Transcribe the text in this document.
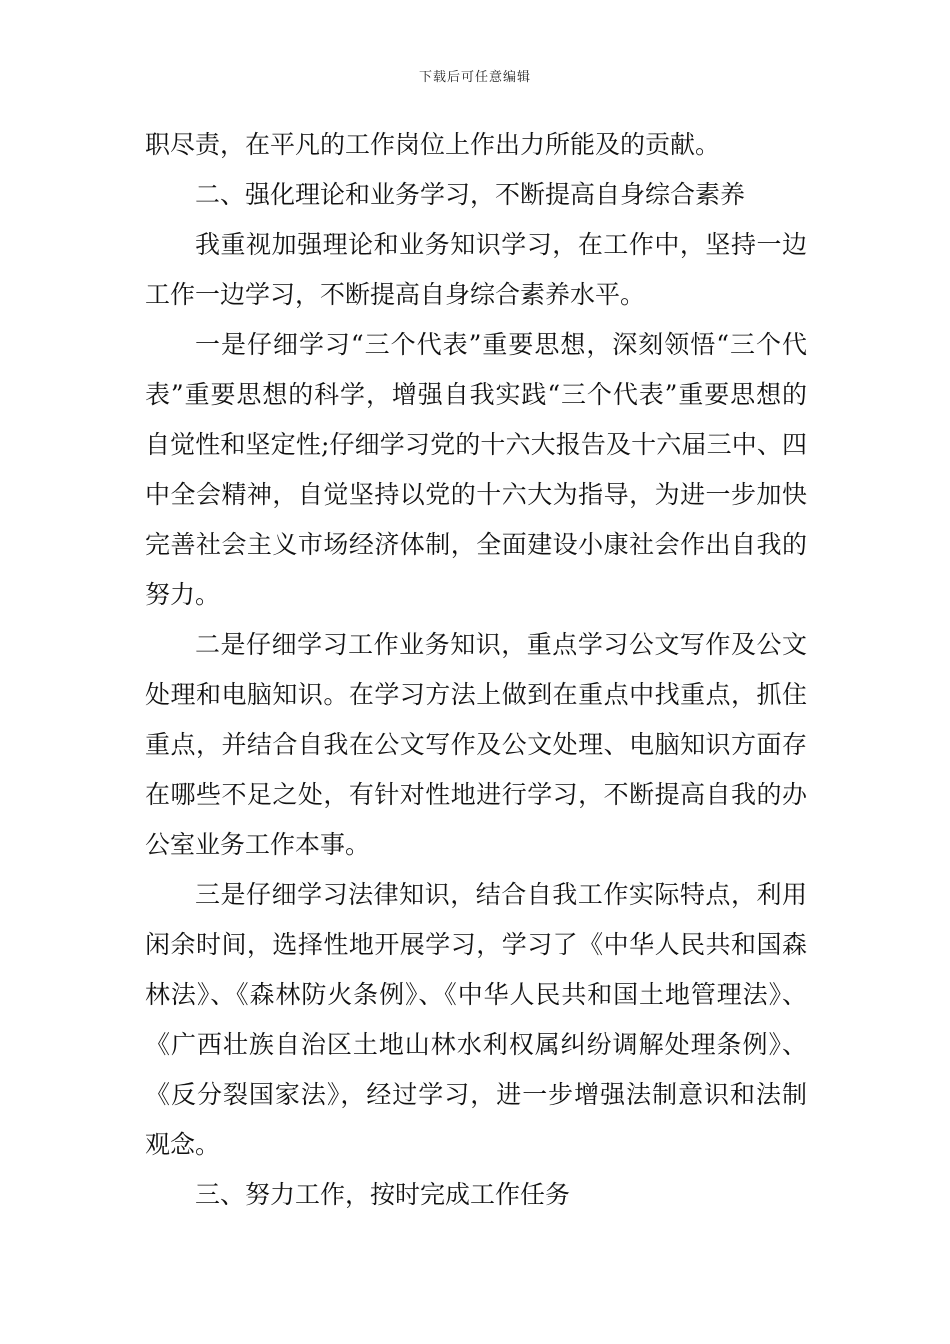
下载后可任意编辑

职尽责，在平凡的工作岗位上作出力所能及的贡献。

二、强化理论和业务学习，不断提高自身综合素养

我重视加强理论和业务知识学习，在工作中，坚持一边工作一边学习，不断提高自身综合素养水平。

一是仔细学习“三个代表”重要思想，深刻领悟“三个代表”重要思想的科学，增强自我实践“三个代表”重要思想的自觉性和坚定性;仔细学习党的十六大报告及十六届三中、四中全会精神，自觉坚持以党的十六大为指导，为进一步加快完善社会主义市场经济体制，全面建设小康社会作出自我的努力。

二是仔细学习工作业务知识，重点学习公文写作及公文处理和电脑知识。在学习方法上做到在重点中找重点，抓住重点，并结合自我在公文写作及公文处理、电脑知识方面存在哪些不足之处，有针对性地进行学习，不断提高自我的办公室业务工作本事。

三是仔细学习法律知识，结合自我工作实际特点，利用闲余时间，选择性地开展学习，学习了《中华人民共和国森林法》、《森林防火条例》、《中华人民共和国土地管理法》、《广西壮族自治区土地山林水利权属纠纷调解处理条例》、《反分裂国家法》，经过学习，进一步增强法制意识和法制观念。

三、努力工作，按时完成工作任务
